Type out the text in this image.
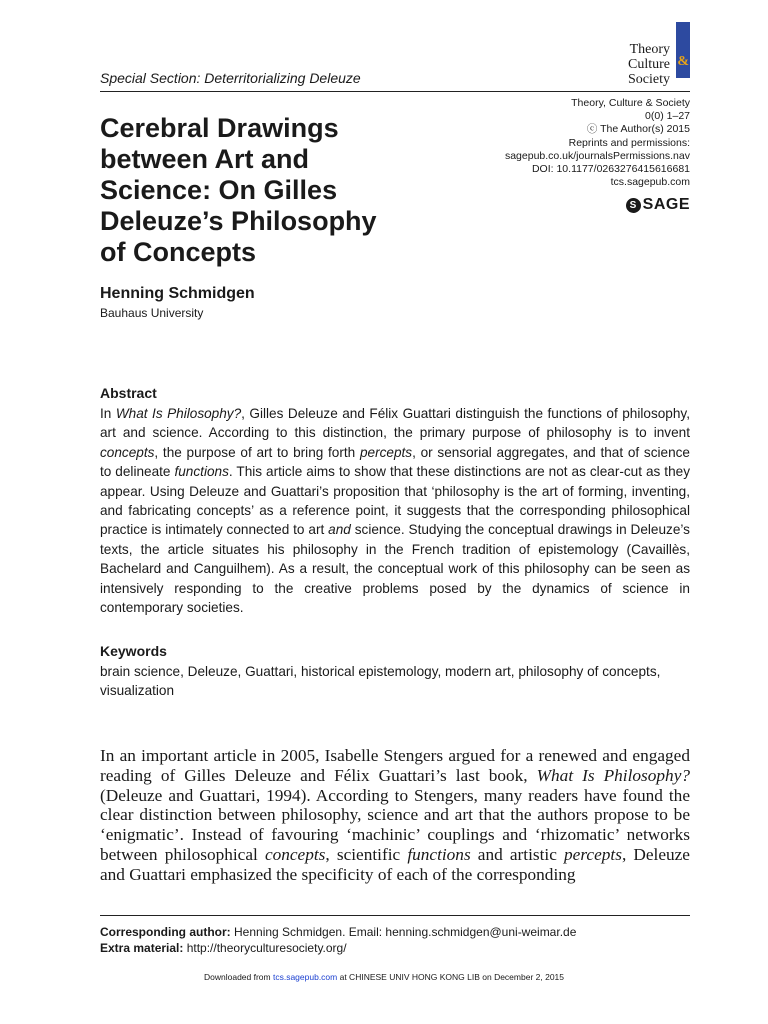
Special Section: Deterritorializing Deleuze
&
Theory
Culture
Society
Theory, Culture & Society
0(0) 1–27
ⓒ The Author(s) 2015
Reprints and permissions:
sagepub.co.uk/journalsPermissions.nav
DOI: 10.1177/0263276415616681
tcs.sagepub.com
S SAGE
Cerebral Drawings
between Art and
Science: On Gilles
Deleuze’s Philosophy
of Concepts
Henning Schmidgen
Bauhaus University
Abstract

In What Is Philosophy?, Gilles Deleuze and Félix Guattari distinguish the functions of philosophy, art and science. According to this distinction, the primary purpose of philosophy is to invent concepts, the purpose of art to bring forth percepts, or sensorial aggregates, and that of science to delineate functions. This article aims to show that these distinctions are not as clear-cut as they appear. Using Deleuze and Guattari’s proposition that ‘philosophy is the art of forming, inventing, and fabricating concepts’ as a reference point, it suggests that the corresponding philosophical practice is intimately connected to art and science. Studying the conceptual drawings in Deleuze’s texts, the article situates his philosophy in the French tradition of epistemology (Cavaillès, Bachelard and Canguilhem). As a result, the conceptual work of this philosophy can be seen as intensively responding to the creative problems posed by the dynamics of science in contemporary societies.

Keywords

brain science, Deleuze, Guattari, historical epistemology, modern art, philosophy of concepts, visualization

In an important article in 2005, Isabelle Stengers argued for a renewed and engaged reading of Gilles Deleuze and Félix Guattari’s last book, What Is Philosophy? (Deleuze and Guattari, 1994). According to Stengers, many readers have found the clear distinction between philosophy, science and art that the authors propose to be ‘enigmatic’. Instead of favouring ‘machinic’ couplings and ‘rhizomatic’ networks between philosophical concepts, scientific functions and artistic percepts, Deleuze and Guattari emphasized the specificity of each of the corresponding

Corresponding author: Henning Schmidgen. Email: henning.schmidgen@uni-weimar.de
Extra material: http://theoryculturesociety.org/
Downloaded from tcs.sagepub.com at CHINESE UNIV HONG KONG LIB on December 2, 2015
